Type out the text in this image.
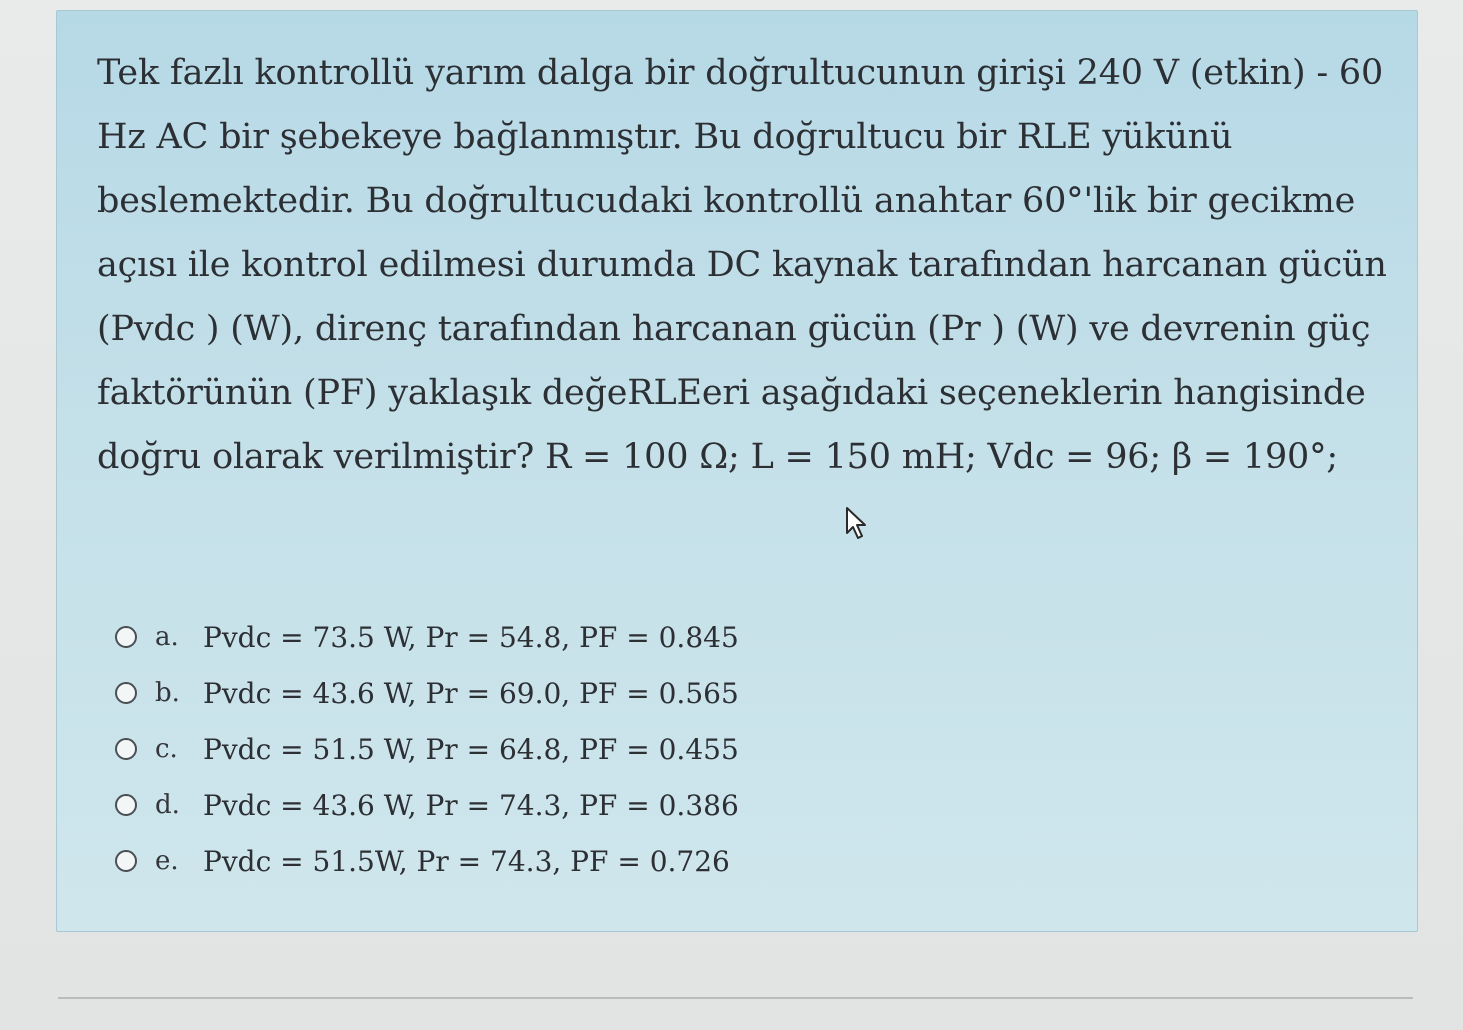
Tek fazlı kontrollü yarım dalga bir doğrultucunun girişi 240 V (etkin) - 60 Hz AC bir şebekeye bağlanmıştır. Bu doğrultucu bir RLE yükünü beslemektedir. Bu doğrultucudaki kontrollü anahtar 60°'lik bir gecikme açısı ile kontrol edilmesi durumda DC kaynak tarafından harcanan gücün (Pvdc ) (W), direnç tarafından harcanan gücün (Pr ) (W) ve devrenin güç faktörünün (PF) yaklaşık değeRLEeri aşağıdaki seçeneklerin hangisinde doğru olarak verilmiştir? R = 100 Ω; L = 150 mH; Vdc = 96; β = 190°;

a. Pvdc = 73.5 W, Pr = 54.8, PF = 0.845
b. Pvdc = 43.6 W, Pr = 69.0, PF = 0.565
c. Pvdc = 51.5 W, Pr = 64.8, PF = 0.455
d. Pvdc = 43.6 W, Pr = 74.3, PF = 0.386
e. Pvdc = 51.5W, Pr = 74.3, PF = 0.726
